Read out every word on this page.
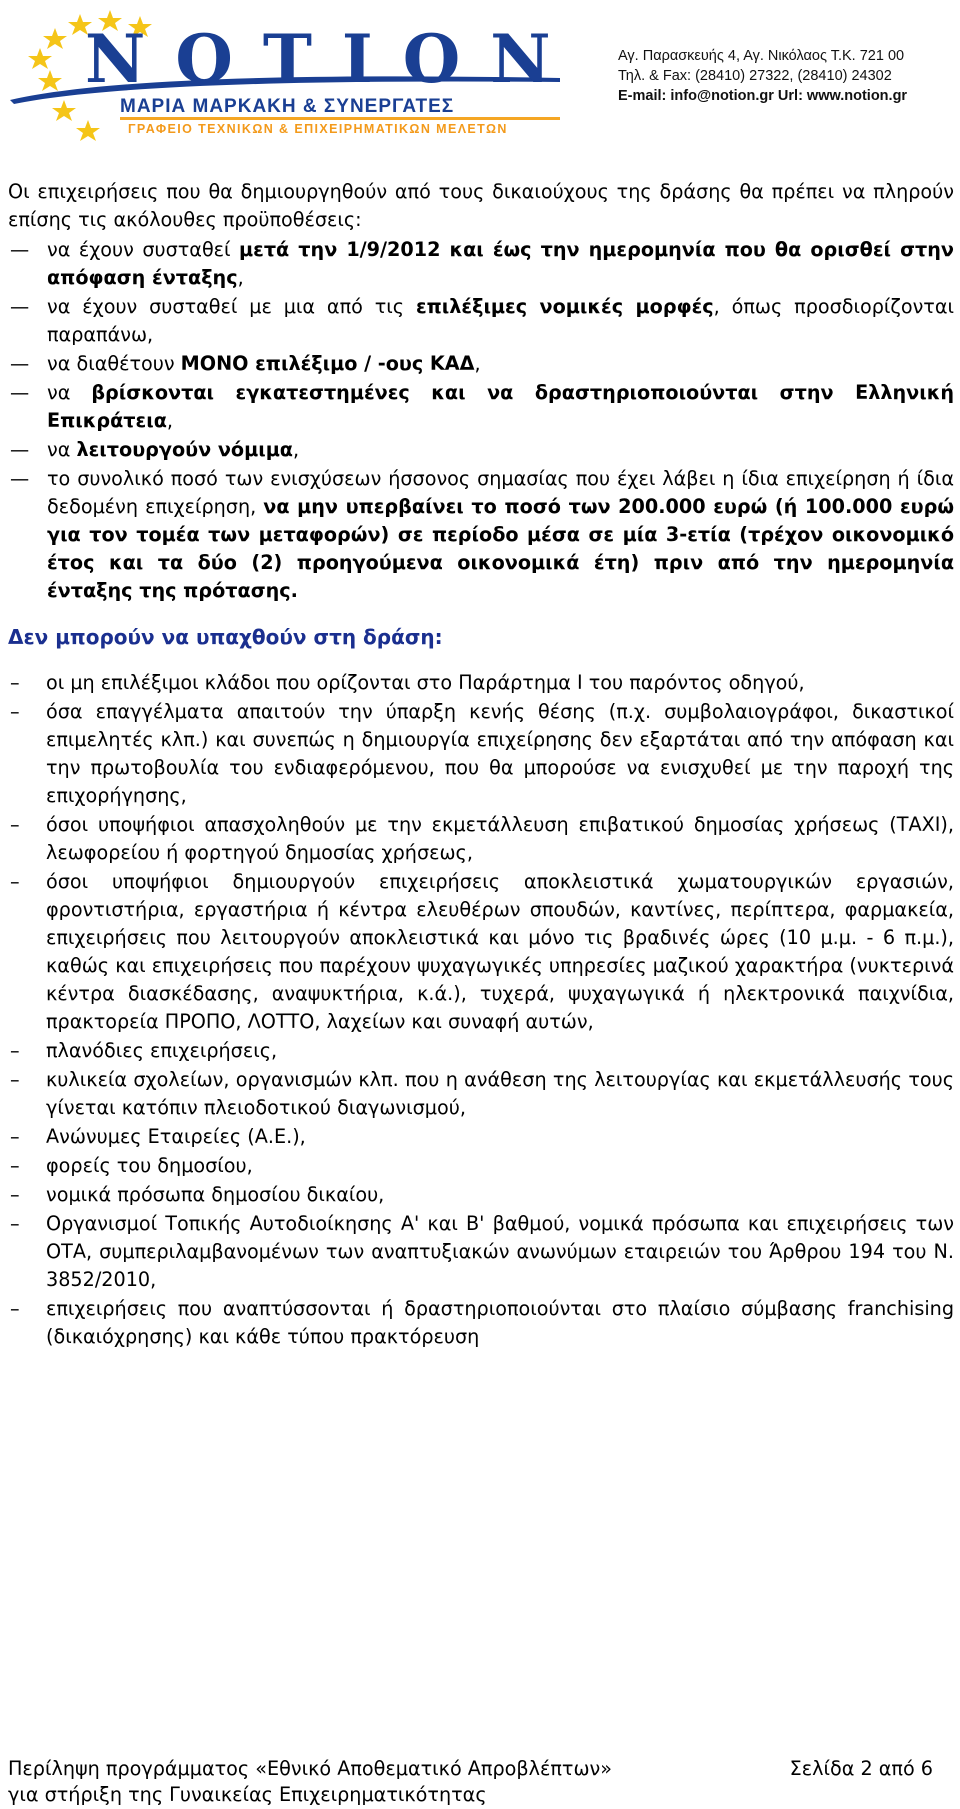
NOTION
ΜΑΡΙΑ ΜΑΡΚΑΚΗ & ΣΥΝΕΡΓΑΤΕΣ
ΓΡΑΦΕΙΟ ΤΕΧΝΙΚΩΝ & ΕΠΙΧΕΙΡΗΜΑΤΙΚΩΝ ΜΕΛΕΤΩΝ
Αγ. Παρασκευής 4, Αγ. Νικόλαος Τ.Κ. 721 00
Τηλ. & Fax: (28410) 27322, (28410) 24302
E-mail: info@notion.gr Url: www.notion.gr

Οι επιχειρήσεις που θα δημιουργηθούν από τους δικαιούχους της δράσης θα πρέπει να πληρούν επίσης τις ακόλουθες προϋποθέσεις:

— να έχουν συσταθεί μετά την 1/9/2012 και έως την ημερομηνία που θα ορισθεί στην απόφαση ένταξης,
— να έχουν συσταθεί με μια από τις επιλέξιμες νομικές μορφές, όπως προσδιορίζονται παραπάνω,
— να διαθέτουν ΜΟΝΟ επιλέξιμο / -ους ΚΑΔ,
— να βρίσκονται εγκατεστημένες και να δραστηριοποιούνται στην Ελληνική Επικράτεια,
— να λειτουργούν νόμιμα,
— το συνολικό ποσό των ενισχύσεων ήσσονος σημασίας που έχει λάβει η ίδια επιχείρηση ή ίδια δεδομένη επιχείρηση, να μην υπερβαίνει το ποσό των 200.000 ευρώ (ή 100.000 ευρώ για τον τομέα των μεταφορών) σε περίοδο μέσα σε μία 3-ετία (τρέχον οικονομικό έτος και τα δύο (2) προηγούμενα οικονομικά έτη) πριν από την ημερομηνία ένταξης της πρότασης.
Δεν μπορούν να υπαχθούν στη δράση:
– οι μη επιλέξιμοι κλάδοι που ορίζονται στο Παράρτημα Ι του παρόντος οδηγού,
– όσα επαγγέλματα απαιτούν την ύπαρξη κενής θέσης (π.χ. συμβολαιογράφοι, δικαστικοί επιμελητές κλπ.) και συνεπώς η δημιουργία επιχείρησης δεν εξαρτάται από την απόφαση και την πρωτοβουλία του ενδιαφερόμενου, που θα μπορούσε να ενισχυθεί με την παροχή της επιχορήγησης,
– όσοι υποψήφιοι απασχοληθούν με την εκμετάλλευση επιβατικού δημοσίας χρήσεως (ΤΑΧΙ), λεωφορείου ή φορτηγού δημοσίας χρήσεως,
– όσοι υποψήφιοι δημιουργούν επιχειρήσεις αποκλειστικά χωματουργικών εργασιών, φροντιστήρια, εργαστήρια ή κέντρα ελευθέρων σπουδών, καντίνες, περίπτερα, φαρμακεία, επιχειρήσεις που λειτουργούν αποκλειστικά και μόνο τις βραδινές ώρες (10 μ.μ. - 6 π.μ.), καθώς και επιχειρήσεις που παρέχουν ψυχαγωγικές υπηρεσίες μαζικού χαρακτήρα (νυκτερινά κέντρα διασκέδασης, αναψυκτήρια, κ.ά.), τυχερά, ψυχαγωγικά ή ηλεκτρονικά παιχνίδια, πρακτορεία ΠΡΟΠΟ, ΛΟΤΤΟ, λαχείων και συναφή αυτών,
– πλανόδιες επιχειρήσεις,
– κυλικεία σχολείων, οργανισμών κλπ. που η ανάθεση της λειτουργίας και εκμετάλλευσής τους γίνεται κατόπιν πλειοδοτικού διαγωνισμού,
– Ανώνυμες Εταιρείες (Α.Ε.),
– φορείς του δημοσίου,
– νομικά πρόσωπα δημοσίου δικαίου,
– Οργανισμοί Τοπικής Αυτοδιοίκησης Α' και Β' βαθμού, νομικά πρόσωπα και επιχειρήσεις των ΟΤΑ, συμπεριλαμβανομένων των αναπτυξιακών ανωνύμων εταιρειών του Άρθρου 194 του Ν. 3852/2010,
– επιχειρήσεις που αναπτύσσονται ή δραστηριοποιούνται στο πλαίσιο σύμβασης franchising (δικαιόχρησης) και κάθε τύπου πρακτόρευση
Περίληψη προγράμματος «Εθνικό Αποθεματικό Απροβλέπτων»
για στήριξη της Γυναικείας Επιχειρηματικότητας
Σελίδα 2 από 6
